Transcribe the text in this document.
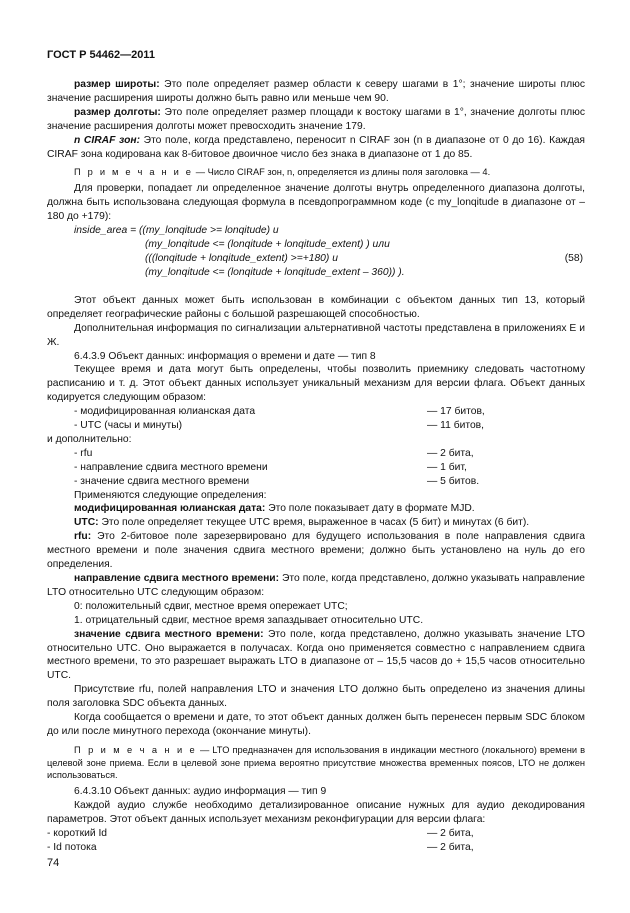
ГОСТ Р 54462—2011

размер широты: Это поле определяет размер области к северу шагами в 1°; значение широты плюс значение расширения широты должно быть равно или меньше чем 90.

размер долготы: Это поле определяет размер площади к востоку шагами в 1°, значение долготы плюс значение расширения долготы может превосходить значение 179.

n CIRAF зон: Это поле, когда представлено, переносит n CIRAF зон (n в диапазоне от 0 до 16). Каждая CIRAF зона кодирована как 8-битовое двоичное число без знака в диапазоне от 1 до 85.

П р и м е ч а н и е — Число CIRAF зон, n, определяется из длины поля заголовка — 4.

Для проверки, попадает ли определенное значение долготы внутрь определенного диапазона долготы, должна быть использована следующая формула в псевдопрограммном коде (с my_lonqitude в диапазоне от – 180 до +179):

inside_area = ((my_lonqitude >= lonqitude) и
(my_lonqitude <= (lonqitude + lonqitude_extent) ) или
(((lonqitude + lonqitude_extent) >=+180) и
(my_lonqitude <= (lonqitude + lonqitude_extent – 360)) ).
(58)

Этот объект данных может быть использован в комбинации с объектом данных тип 13, который определяет географические районы с большой разрешающей способностью.

Дополнительная информация по сигнализации альтернативной частоты представлена в приложениях Е и Ж.

6.4.3.9 Объект данных: информация о времени и дате — тип 8

Текущее время и дата могут быть определены, чтобы позволить приемнику следовать частотному расписанию и т. д. Этот объект данных использует уникальный механизм для версии флага. Объект данных кодируется следующим образом:

- модифицированная юлианская дата	— 17 битов,
- UTC (часы и минуты)	— 11 битов,
и дополнительно:
- rfu	— 2 бита,
- направление сдвига местного времени	— 1 бит,
- значение сдвига местного времени	— 5 битов.

Применяются следующие определения:

модифицированная юлианская дата: Это поле показывает дату в формате MJD.

UTC: Это поле определяет текущее UTC время, выраженное в часах (5 бит) и минутах (6 бит).

rfu: Это 2-битовое поле зарезервировано для будущего использования в поле направления сдвига местного времени и поле значения сдвига местного времени; должно быть установлено на нуль до его определения.

направление сдвига местного времени: Это поле, когда представлено, должно указывать направление LTO относительно UTC следующим образом:

0: положительный сдвиг, местное время опережает UTC;

1. отрицательный сдвиг, местное время запаздывает относительно UTC.

значение сдвига местного времени: Это поле, когда представлено, должно указывать значение LTO относительно UTC. Оно выражается в получасах. Когда оно применяется совместно с направлением сдвига местного времени, то это разрешает выражать LTO в диапазоне от – 15,5 часов до + 15,5 часов относительно UTC.

Присутствие rfu, полей направления LTO и значения LTO должно быть определено из значения длины поля заголовка SDC объекта данных.

Когда сообщается о времени и дате, то этот объект данных должен быть перенесен первым SDC блоком до или после минутного перехода (окончание минуты).

П р и м е ч а н и е — LTO предназначен для использования в индикации местного (локального) времени в целевой зоне приема. Если в целевой зоне приема вероятно присутствие множества временных поясов, LTO не должен использоваться.

6.4.3.10 Объект данных: аудио информация — тип 9

Каждой аудио службе необходимо детализированное описание нужных для аудио декодирования параметров. Этот объект данных использует механизм реконфигурации для версии флага:

- короткий Id	— 2 бита,
- Id потока	— 2 бита,
74
